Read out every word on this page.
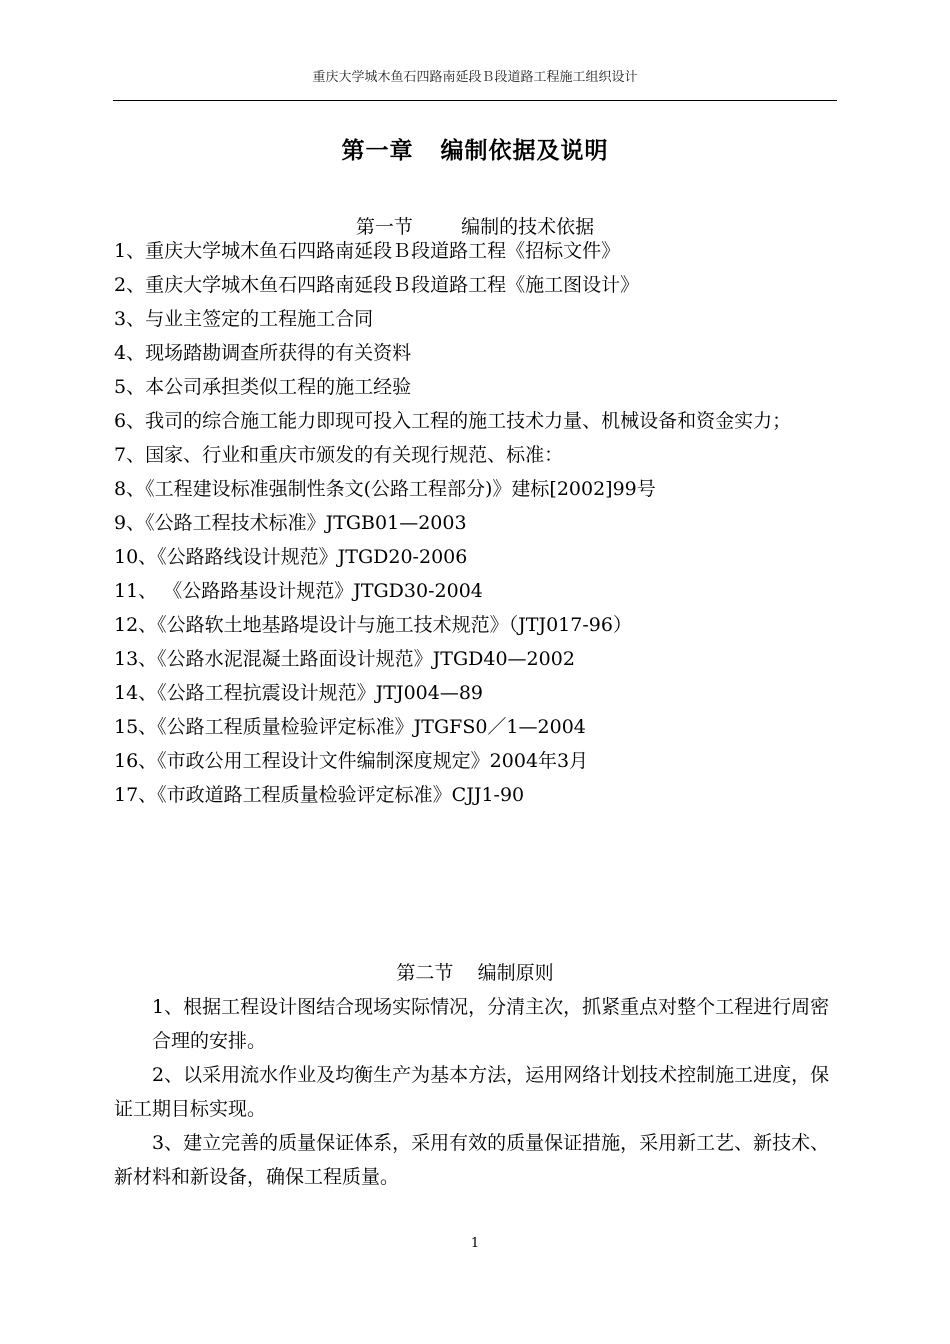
重庆大学城木鱼石四路南延段Ｂ段道路工程施工组织设计
第一章   编制依据及说明
第一节        编制的技术依据
1、重庆大学城木鱼石四路南延段Ｂ段道路工程《招标文件》
2、重庆大学城木鱼石四路南延段Ｂ段道路工程《施工图设计》
3、与业主签定的工程施工合同
4、现场踏勘调查所获得的有关资料
5、本公司承担类似工程的施工经验
6、我司的综合施工能力即现可投入工程的施工技术力量、机械设备和资金实力；
7、国家、行业和重庆市颁发的有关现行规范、标准：
8、《工程建设标准强制性条文(公路工程部分)》建标[2002]99号
9、《公路工程技术标准》JTGB01—2003
10、《公路路线设计规范》JTGD20-2006
11、 《公路路基设计规范》JTGD30-2004
12、《公路软土地基路堤设计与施工技术规范》（JTJ017-96）
13、《公路水泥混凝土路面设计规范》JTGD40—2002
14、《公路工程抗震设计规范》JTJ004—89
15、《公路工程质量检验评定标准》JTGFS0／1—2004
16、《市政公用工程设计文件编制深度规定》2004年3月
17、《市政道路工程质量检验评定标准》CJJ1-90
第二节    编制原则
1、根据工程设计图结合现场实际情况，分清主次，抓紧重点对整个工程进行周密合理的安排。
2、以采用流水作业及均衡生产为基本方法，运用网络计划技术控制施工进度，保证工期目标实现。
3、建立完善的质量保证体系，采用有效的质量保证措施，采用新工艺、新技术、新材料和新设备，确保工程质量。
1
